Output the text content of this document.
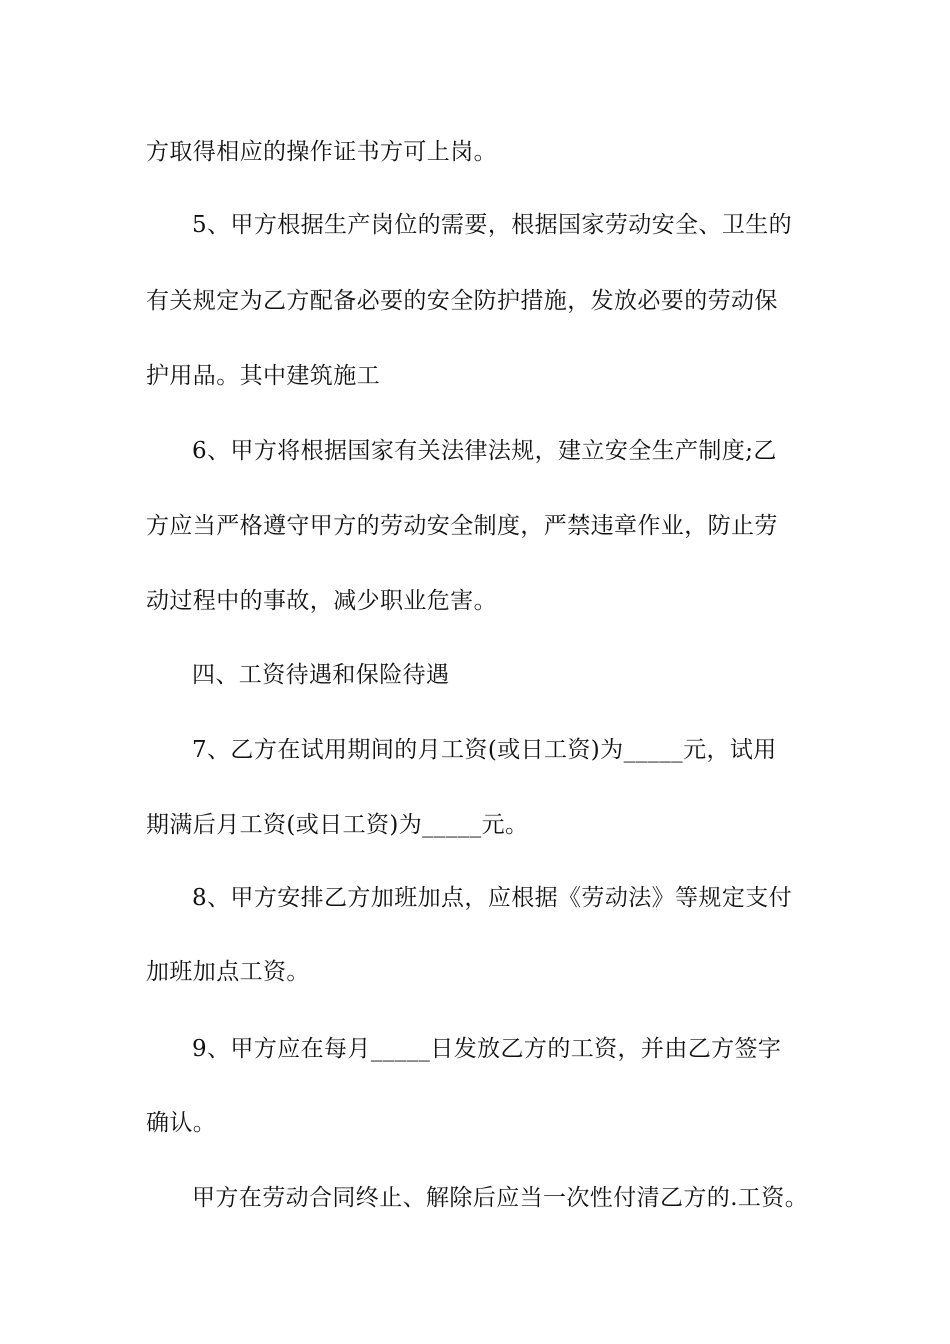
方取得相应的操作证书方可上岗。

5、甲方根据生产岗位的需要，根据国家劳动安全、卫生的

有关规定为乙方配备必要的安全防护措施，发放必要的劳动保

护用品。其中建筑施工

6、甲方将根据国家有关法律法规，建立安全生产制度;乙

方应当严格遵守甲方的劳动安全制度，严禁违章作业，防止劳

动过程中的事故，减少职业危害。

四、工资待遇和保险待遇

7、乙方在试用期间的月工资(或日工资)为_____元，试用

期满后月工资(或日工资)为_____元。

8、甲方安排乙方加班加点，应根据《劳动法》等规定支付

加班加点工资。

9、甲方应在每月_____日发放乙方的工资，并由乙方签字

确认。

甲方在劳动合同终止、解除后应当一次性付清乙方的.工资。
